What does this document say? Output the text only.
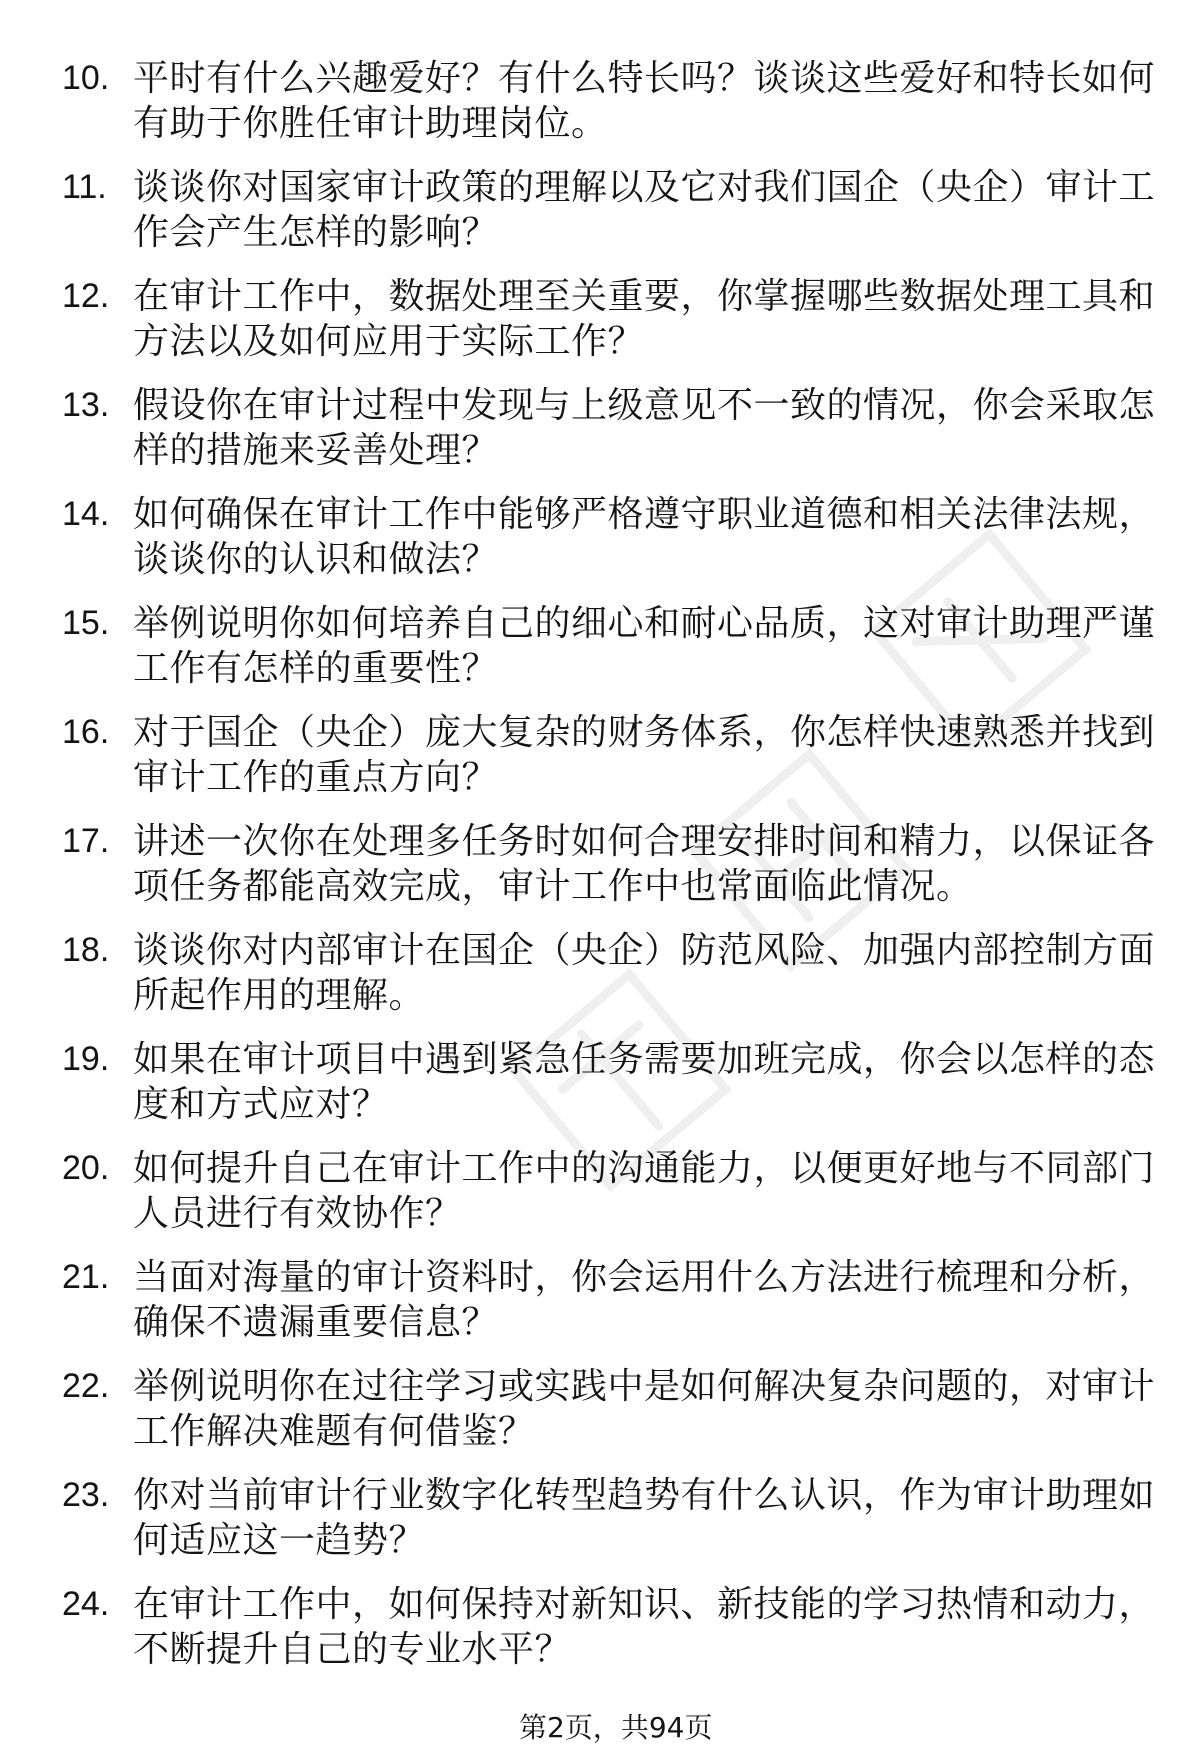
10. 平时有什么兴趣爱好？有什么特长吗？谈谈这些爱好和特长如何有助于你胜任审计助理岗位。
11. 谈谈你对国家审计政策的理解以及它对我们国企（央企）审计工作会产生怎样的影响？
12. 在审计工作中，数据处理至关重要，你掌握哪些数据处理工具和方法以及如何应用于实际工作？
13. 假设你在审计过程中发现与上级意见不一致的情况，你会采取怎样的措施来妥善处理？
14. 如何确保在审计工作中能够严格遵守职业道德和相关法律法规，谈谈你的认识和做法？
15. 举例说明你如何培养自己的细心和耐心品质，这对审计助理严谨工作有怎样的重要性？
16. 对于国企（央企）庞大复杂的财务体系，你怎样快速熟悉并找到审计工作的重点方向？
17. 讲述一次你在处理多任务时如何合理安排时间和精力，以保证各项任务都能高效完成，审计工作中也常面临此情况。
18. 谈谈你对内部审计在国企（央企）防范风险、加强内部控制方面所起作用的理解。
19. 如果在审计项目中遇到紧急任务需要加班完成，你会以怎样的态度和方式应对？
20. 如何提升自己在审计工作中的沟通能力，以便更好地与不同部门人员进行有效协作？
21. 当面对海量的审计资料时，你会运用什么方法进行梳理和分析，确保不遗漏重要信息？
22. 举例说明你在过往学习或实践中是如何解决复杂问题的，对审计工作解决难题有何借鉴？
23. 你对当前审计行业数字化转型趋势有什么认识，作为审计助理如何适应这一趋势？
24. 在审计工作中，如何保持对新知识、新技能的学习热情和动力，不断提升自己的专业水平？
第2页，共94页
